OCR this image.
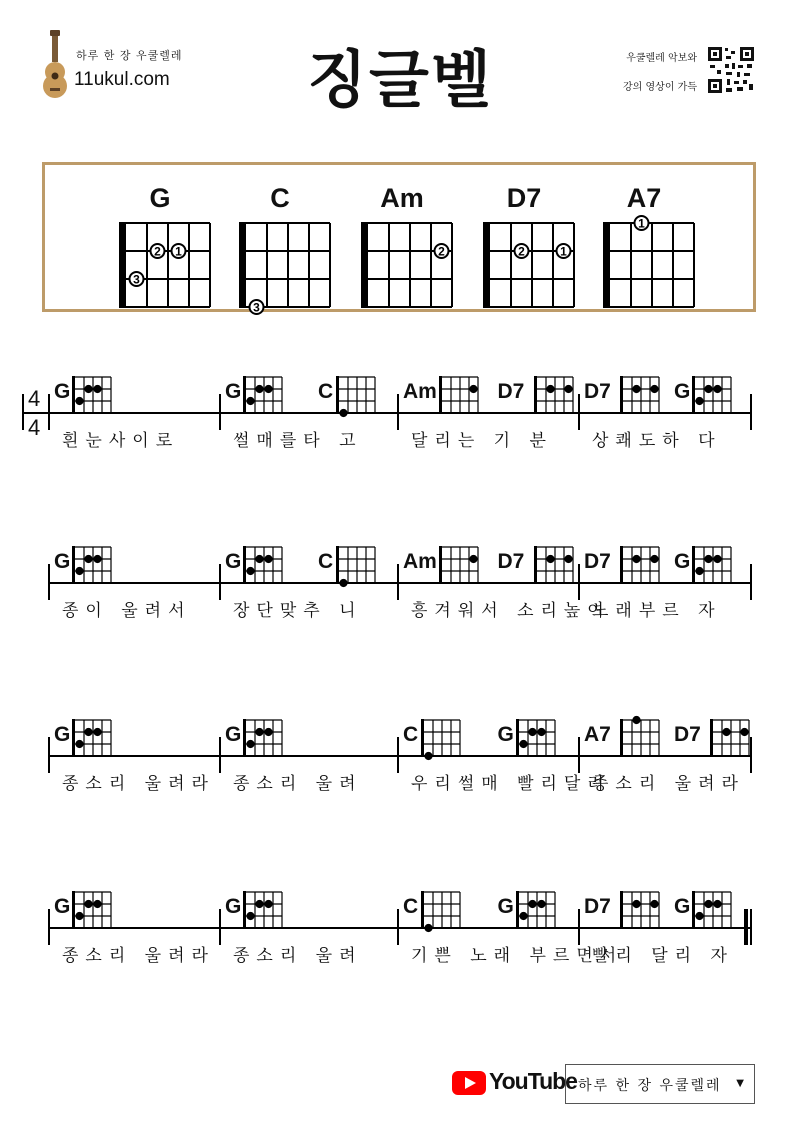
하루 한 장 우쿨렐레
11ukul.com	징글벨	우쿨렐레 악보와
강의 영상이 가득
G
2
3
1
C
3
Am
2
D7
2	1
A7
1
4
4
G
흰눈사이로
G	C
썰매를타 고
Am	D7
달리는 기 분
D7	G
상쾌도하 다
G
종이 울려서
G	C
장단맞추 니
Am	D7
흥겨워서 소리높여
D7	G
노래부르 자
G
종소리 울려라
G
종소리 울려
C	G
우리썰매 빨리달려
A7	D7
종소리 울려라
G
종소리 울려라
G
종소리 울려
C	G
기쁜 노래 부르면서
D7	G
빨리 달리 자
YouTube 하루 한 장 우쿨렐레 ▼
